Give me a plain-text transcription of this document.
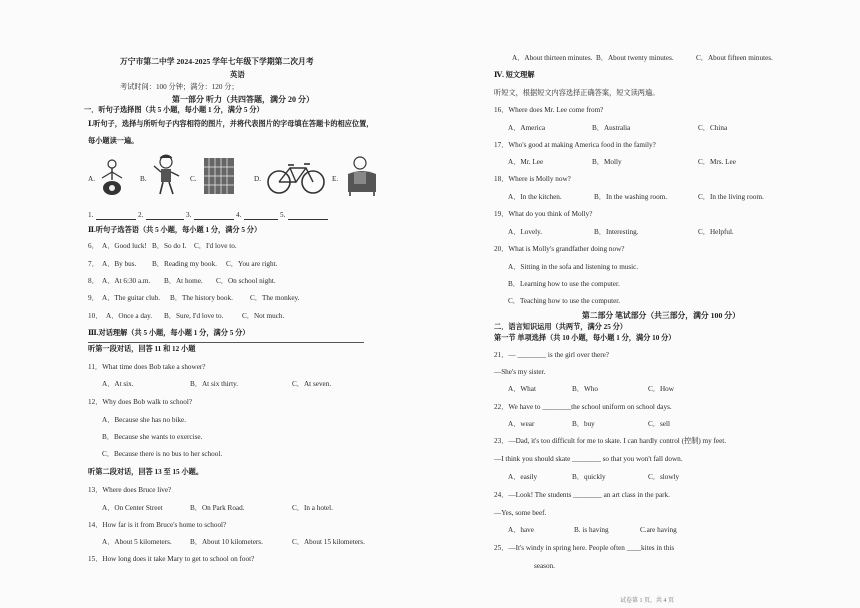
万宁市第二中学 2024-2025 学年七年级下学期第二次月考
英语
考试时间：100 分钟；满分：120 分；
第一部分 听力（共四答题，满分 20 分）
一．听句子选择图（共 5 小题，每小题 1 分，满分 5 分）
Ⅰ.听句子，选择与所听句子内容相符的图片，并将代表图片的字母填在答题卡的相应位置，
每小题读一遍。
A.	B.	C.	D.	E.
1.	2.	3.	4.	5.
Ⅱ.听句子选答语（共 5 小题，每小题 1 分，满分 5 分）
6． A．Good luck! B．So do I. C．I'd love to.
7． A．By bus. B．Reading my book. C．You are right.
8． A．At 6:30 a.m. B．At home. C．On school night.
9． A．The guitar club. B．The history book. C．The monkey.
10． A．Once a day. B．Sure, I'd love to.	C．Not much.
Ⅲ.对话理解（共 5 小题，每小题 1 分，满分 5 分）
听第一段对话，回答 11 和 12 小题
11．What time does Bob take a shower?
A．At six.	B．At six thirty.	C．At seven.
12．Why does Bob walk to school?
A．Because she has no bike.
B．Because she wants to exercise.
C．Because there is no bus to her school.
听第二段对话，回答 13 至 15 小题。
13．Where does Bruce live?
A．On Center Street	B．On Park Road.	C．In a hotel.
14．How far is it from Bruce's home to school?
A．About 5 kilometers.	B．About 10 kilometers.	C．About 15 kilometers.
15．How long does it take Mary to get to school on foot?
A．About thirteen minutes. B．About twenty minutes.	C．About fifteen minutes.
Ⅳ. 短文理解
听短文，根据短文内容选择正确答案，短文读两遍。
16．Where does Mr. Lee come from?
A．America	B．Australia	C．China
17．Who's good at making America food in the family?
A．Mr. Lee	B．Molly	C．Mrs. Lee
18．Where is Molly now?
A．In the kitchen.	B．In the washing room.	C．In the living room.
19．What do you think of Molly?
A．Lovely.	B．Interesting.	C．Helpful.
20．What is Molly's grandfather doing now?
A．Sitting in the sofa and listening to music.
B．Learning how to use the computer.
C．Teaching how to use the computer.
第二部分 笔试部分（共三部分，满分 100 分）
二．语言知识运用（共两节，满分 25 分）
第一节 单项选择（共 10 小题，每小题 1 分，满分 10 分）
21．— ________ is the girl over there?
—She's my sister.
A．What	B．Who	C．How
22．We have to ________the school uniform on school days.
A．wear	B．buy	C．sell
23．—Dad, it's too difficult for me to skate. I can hardly control (控制) my feet.
—I think you should skate ________ so that you won't fall down.
A．easily	B．quickly	C．slowly
24．—Look! The students ________ an art class in the park.
—Yes, some beef.
A．have	B. is having	C.are having
25．—It's windy in spring here. People often ____kites in this
season.
试卷第 1 页，共 4 页
